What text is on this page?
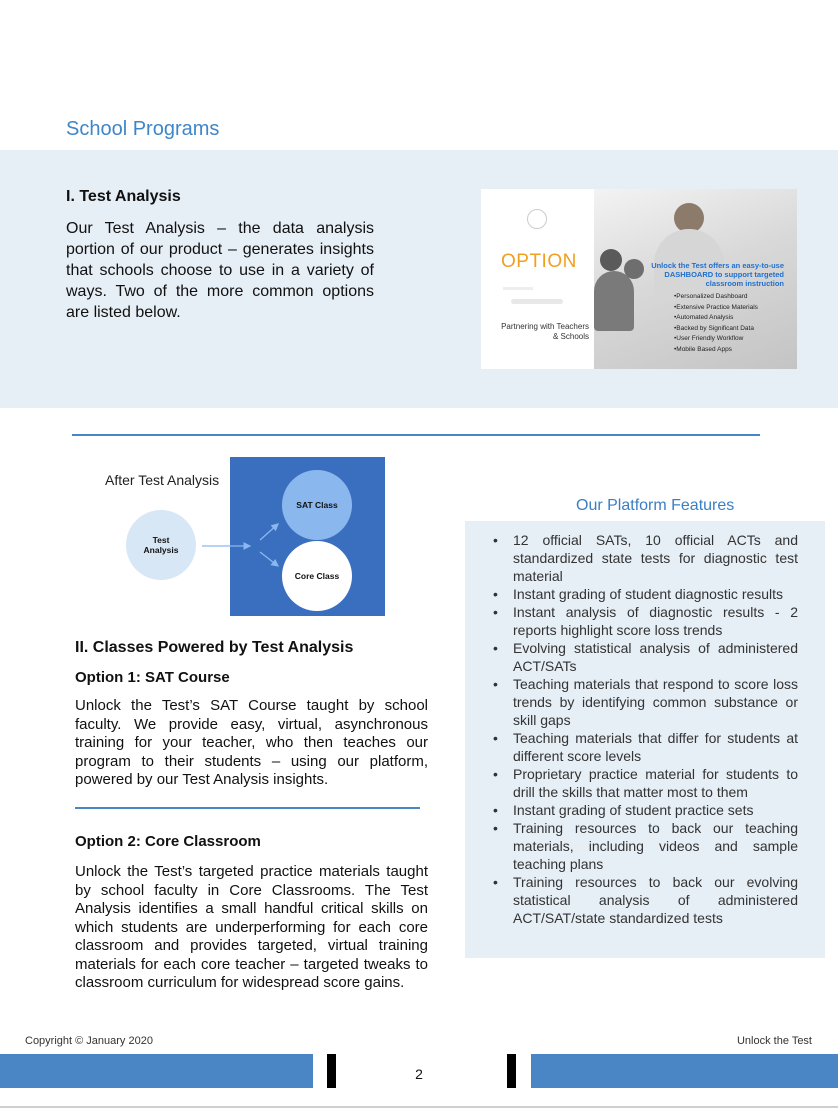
School Programs
I. Test Analysis
Our Test Analysis – the data analysis portion of our product – generates insights that schools choose to use in a variety of ways. Two of the more common options are listed below.
OPTION
Partnering with Teachers & Schools
Unlock the Test offers an easy-to-use DASHBOARD to support targeted classroom instruction
• Personalized Dashboard
• Extensive Practice Materials
• Automated Analysis
• Backed by Significant Data
• User Friendly Workflow
• Mobile Based Apps
After Test Analysis
Test Analysis
SAT Class
Core Class
II. Classes Powered by Test Analysis
Option 1: SAT Course
Unlock the Test’s SAT Course taught by school faculty. We provide easy, virtual, asynchronous training for your teacher, who then teaches our program to their students – using our platform, powered by our Test Analysis insights.
Option 2: Core Classroom
Unlock the Test’s targeted practice materials taught by school faculty in Core Classrooms. The Test Analysis identifies a small handful critical skills on which students are underperforming for each core classroom and provides targeted, virtual training materials for each core teacher – targeted tweaks to classroom curriculum for widespread score gains.
Our Platform Features
• 12 official SATs, 10 official ACTs and standardized state tests for diagnostic test material
• Instant grading of student diagnostic results
• Instant analysis of diagnostic results - 2 reports highlight score loss trends
• Evolving statistical analysis of administered ACT/SATs
• Teaching materials that respond to score loss trends by identifying common substance or skill gaps
• Teaching materials that differ for students at different score levels
• Proprietary practice material for students to drill the skills that matter most to them
• Instant grading of student practice sets
• Training resources to back our teaching materials, including videos and sample teaching plans
• Training resources to back our evolving statistical analysis of administered ACT/SAT/state standardized tests
Copyright © January 2020	Unlock the Test
2
